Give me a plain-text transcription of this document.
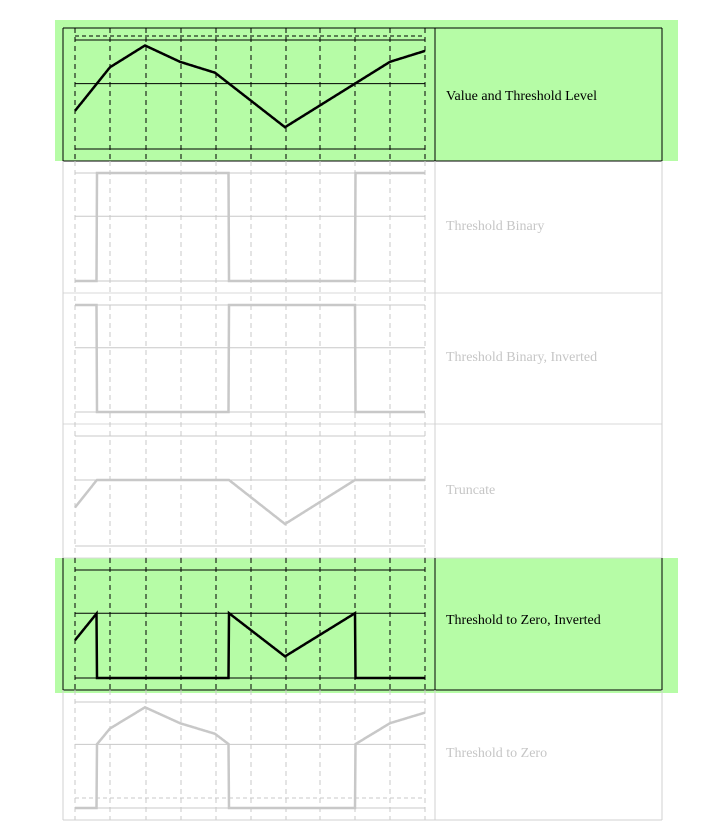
Value and Threshold Level
Threshold Binary
Threshold Binary, Inverted
Truncate
Threshold to Zero, Inverted
Threshold to Zero
